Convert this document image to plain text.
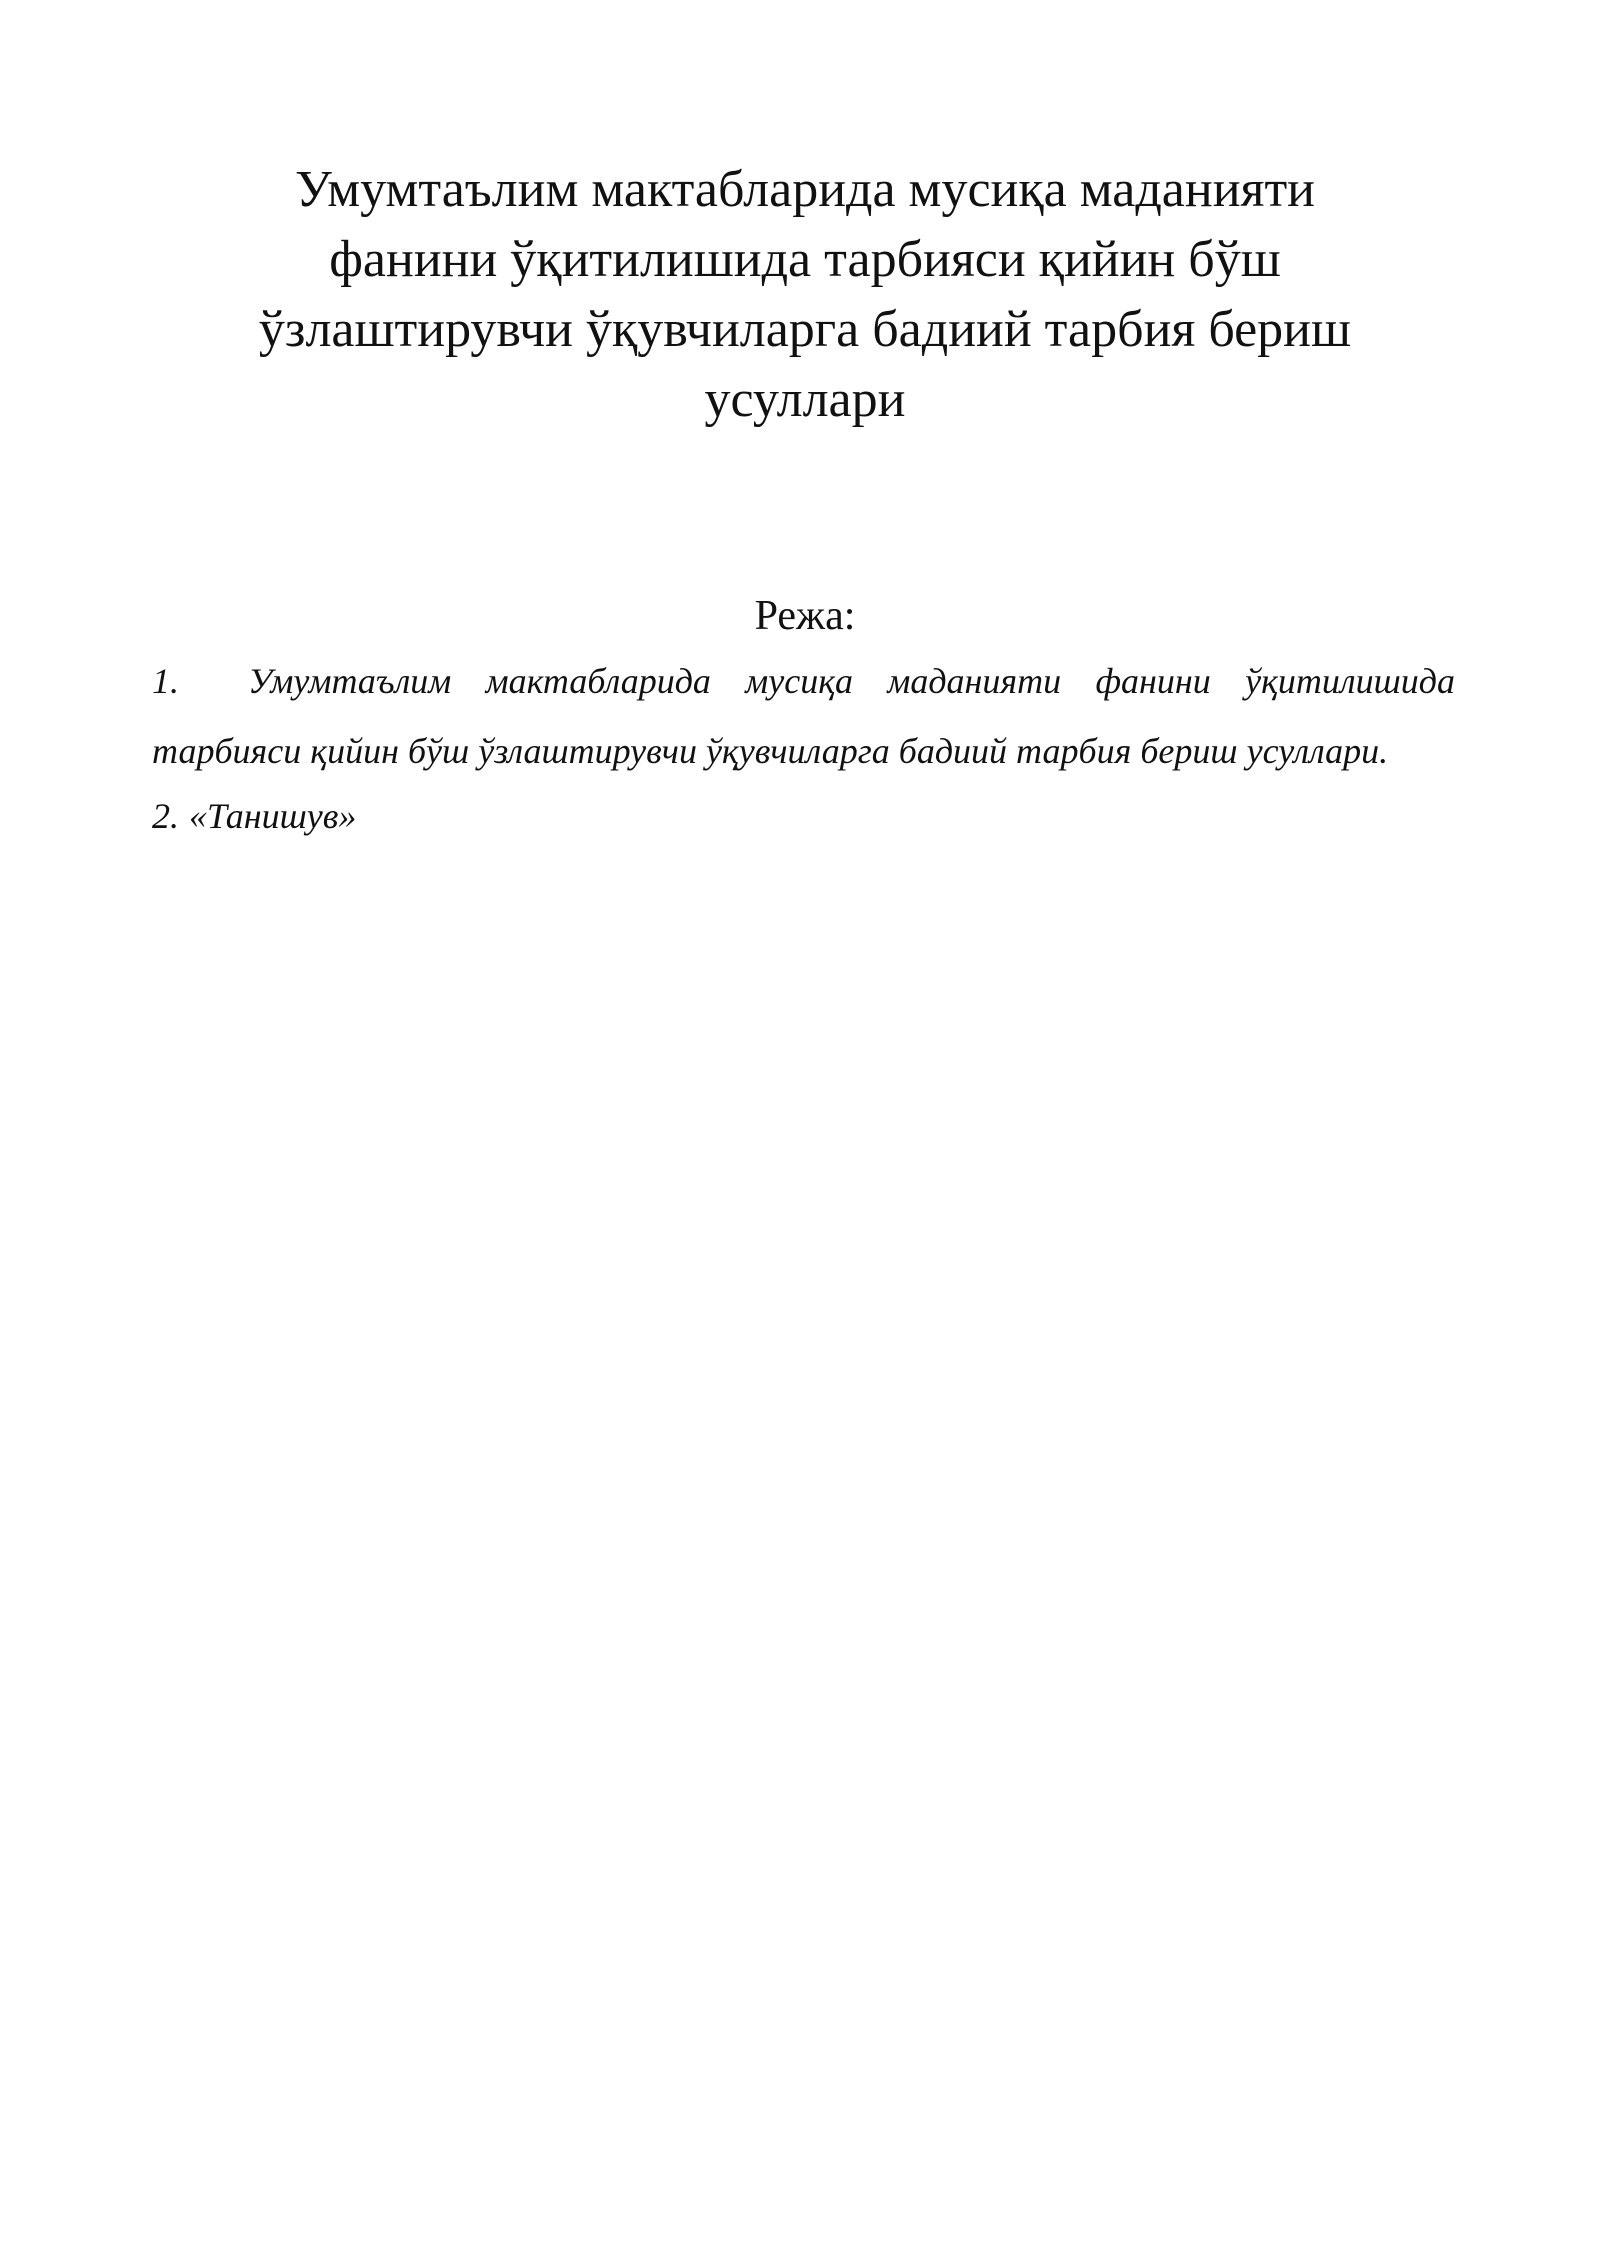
Умумтаълим мактабларида мусиқа маданияти
фанини ўқитилишида тарбияси қийин бўш
ўзлаштирувчи ўқувчиларга бадиий тарбия бериш
усуллари

Режа:

1. Умумтаълим мактабларида мусиқа маданияти фанини ўқитилишида тарбияси қийин бўш ўзлаштирувчи ўқувчиларга бадиий тарбия бериш усуллари.
2. «Танишув»
